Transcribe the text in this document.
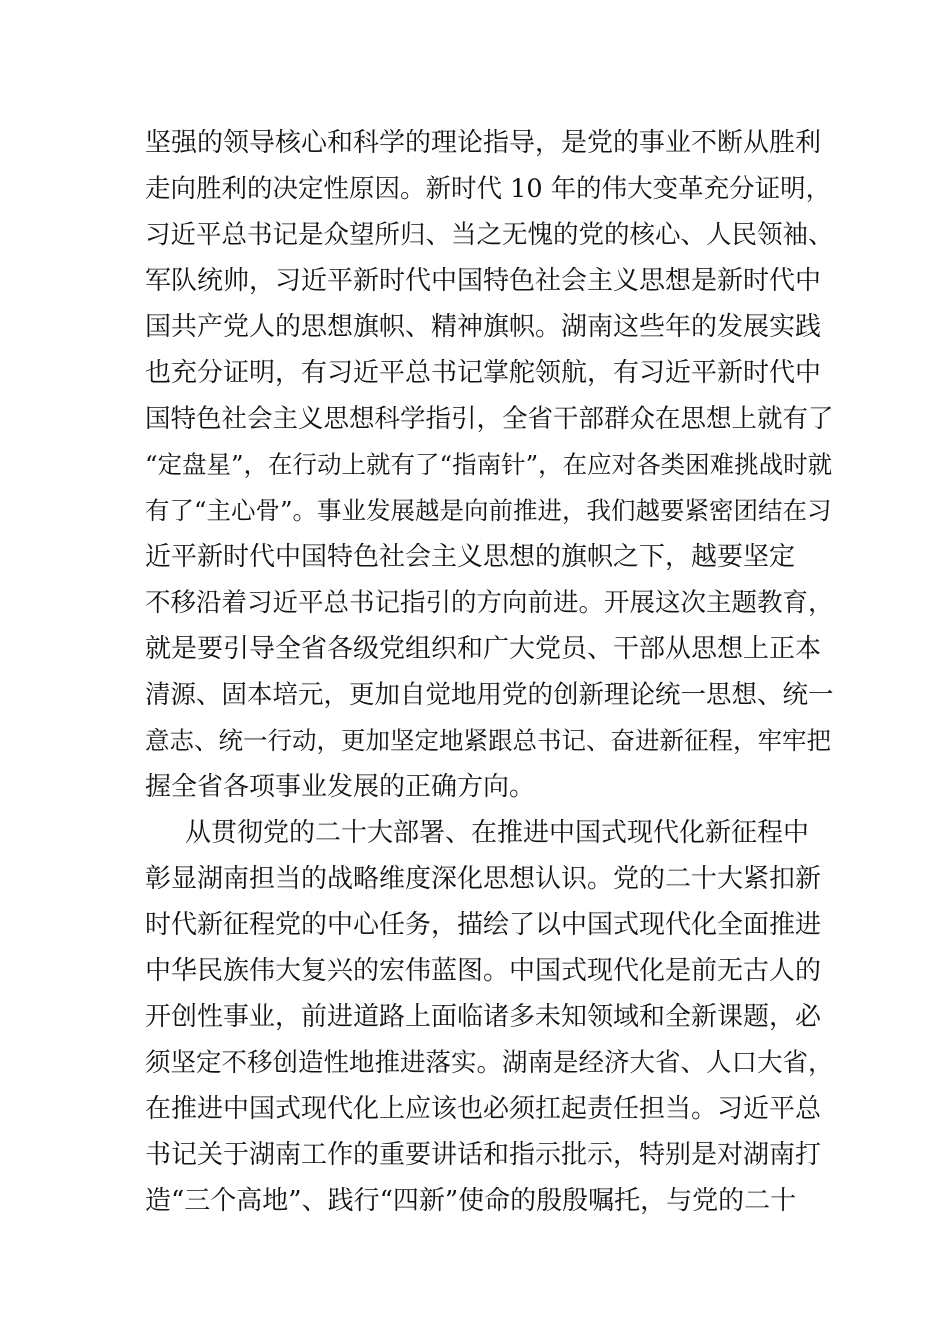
坚强的领导核心和科学的理论指导，是党的事业不断从胜利
走向胜利的决定性原因。新时代 10 年的伟大变革充分证明，
习近平总书记是众望所归、当之无愧的党的核心、人民领袖、
军队统帅，习近平新时代中国特色社会主义思想是新时代中
国共产党人的思想旗帜、精神旗帜。湖南这些年的发展实践
也充分证明，有习近平总书记掌舵领航，有习近平新时代中
国特色社会主义思想科学指引，全省干部群众在思想上就有了
“定盘星”，在行动上就有了“指南针”，在应对各类困难挑战时就
有了“主心骨”。事业发展越是向前推进，我们越要紧密团结在习
近平新时代中国特色社会主义思想的旗帜之下，越要坚定
不移沿着习近平总书记指引的方向前进。开展这次主题教育，
就是要引导全省各级党组织和广大党员、干部从思想上正本
清源、固本培元，更加自觉地用党的创新理论统一思想、统一
意志、统一行动，更加坚定地紧跟总书记、奋进新征程，牢牢把
握全省各项事业发展的正确方向。
从贯彻党的二十大部署、在推进中国式现代化新征程中
彰显湖南担当的战略维度深化思想认识。党的二十大紧扣新
时代新征程党的中心任务，描绘了以中国式现代化全面推进
中华民族伟大复兴的宏伟蓝图。中国式现代化是前无古人的
开创性事业，前进道路上面临诸多未知领域和全新课题，必
须坚定不移创造性地推进落实。湖南是经济大省、人口大省，
在推进中国式现代化上应该也必须扛起责任担当。习近平总
书记关于湖南工作的重要讲话和指示批示，特别是对湖南打
造“三个高地”、践行“四新”使命的殷殷嘱托，与党的二十
